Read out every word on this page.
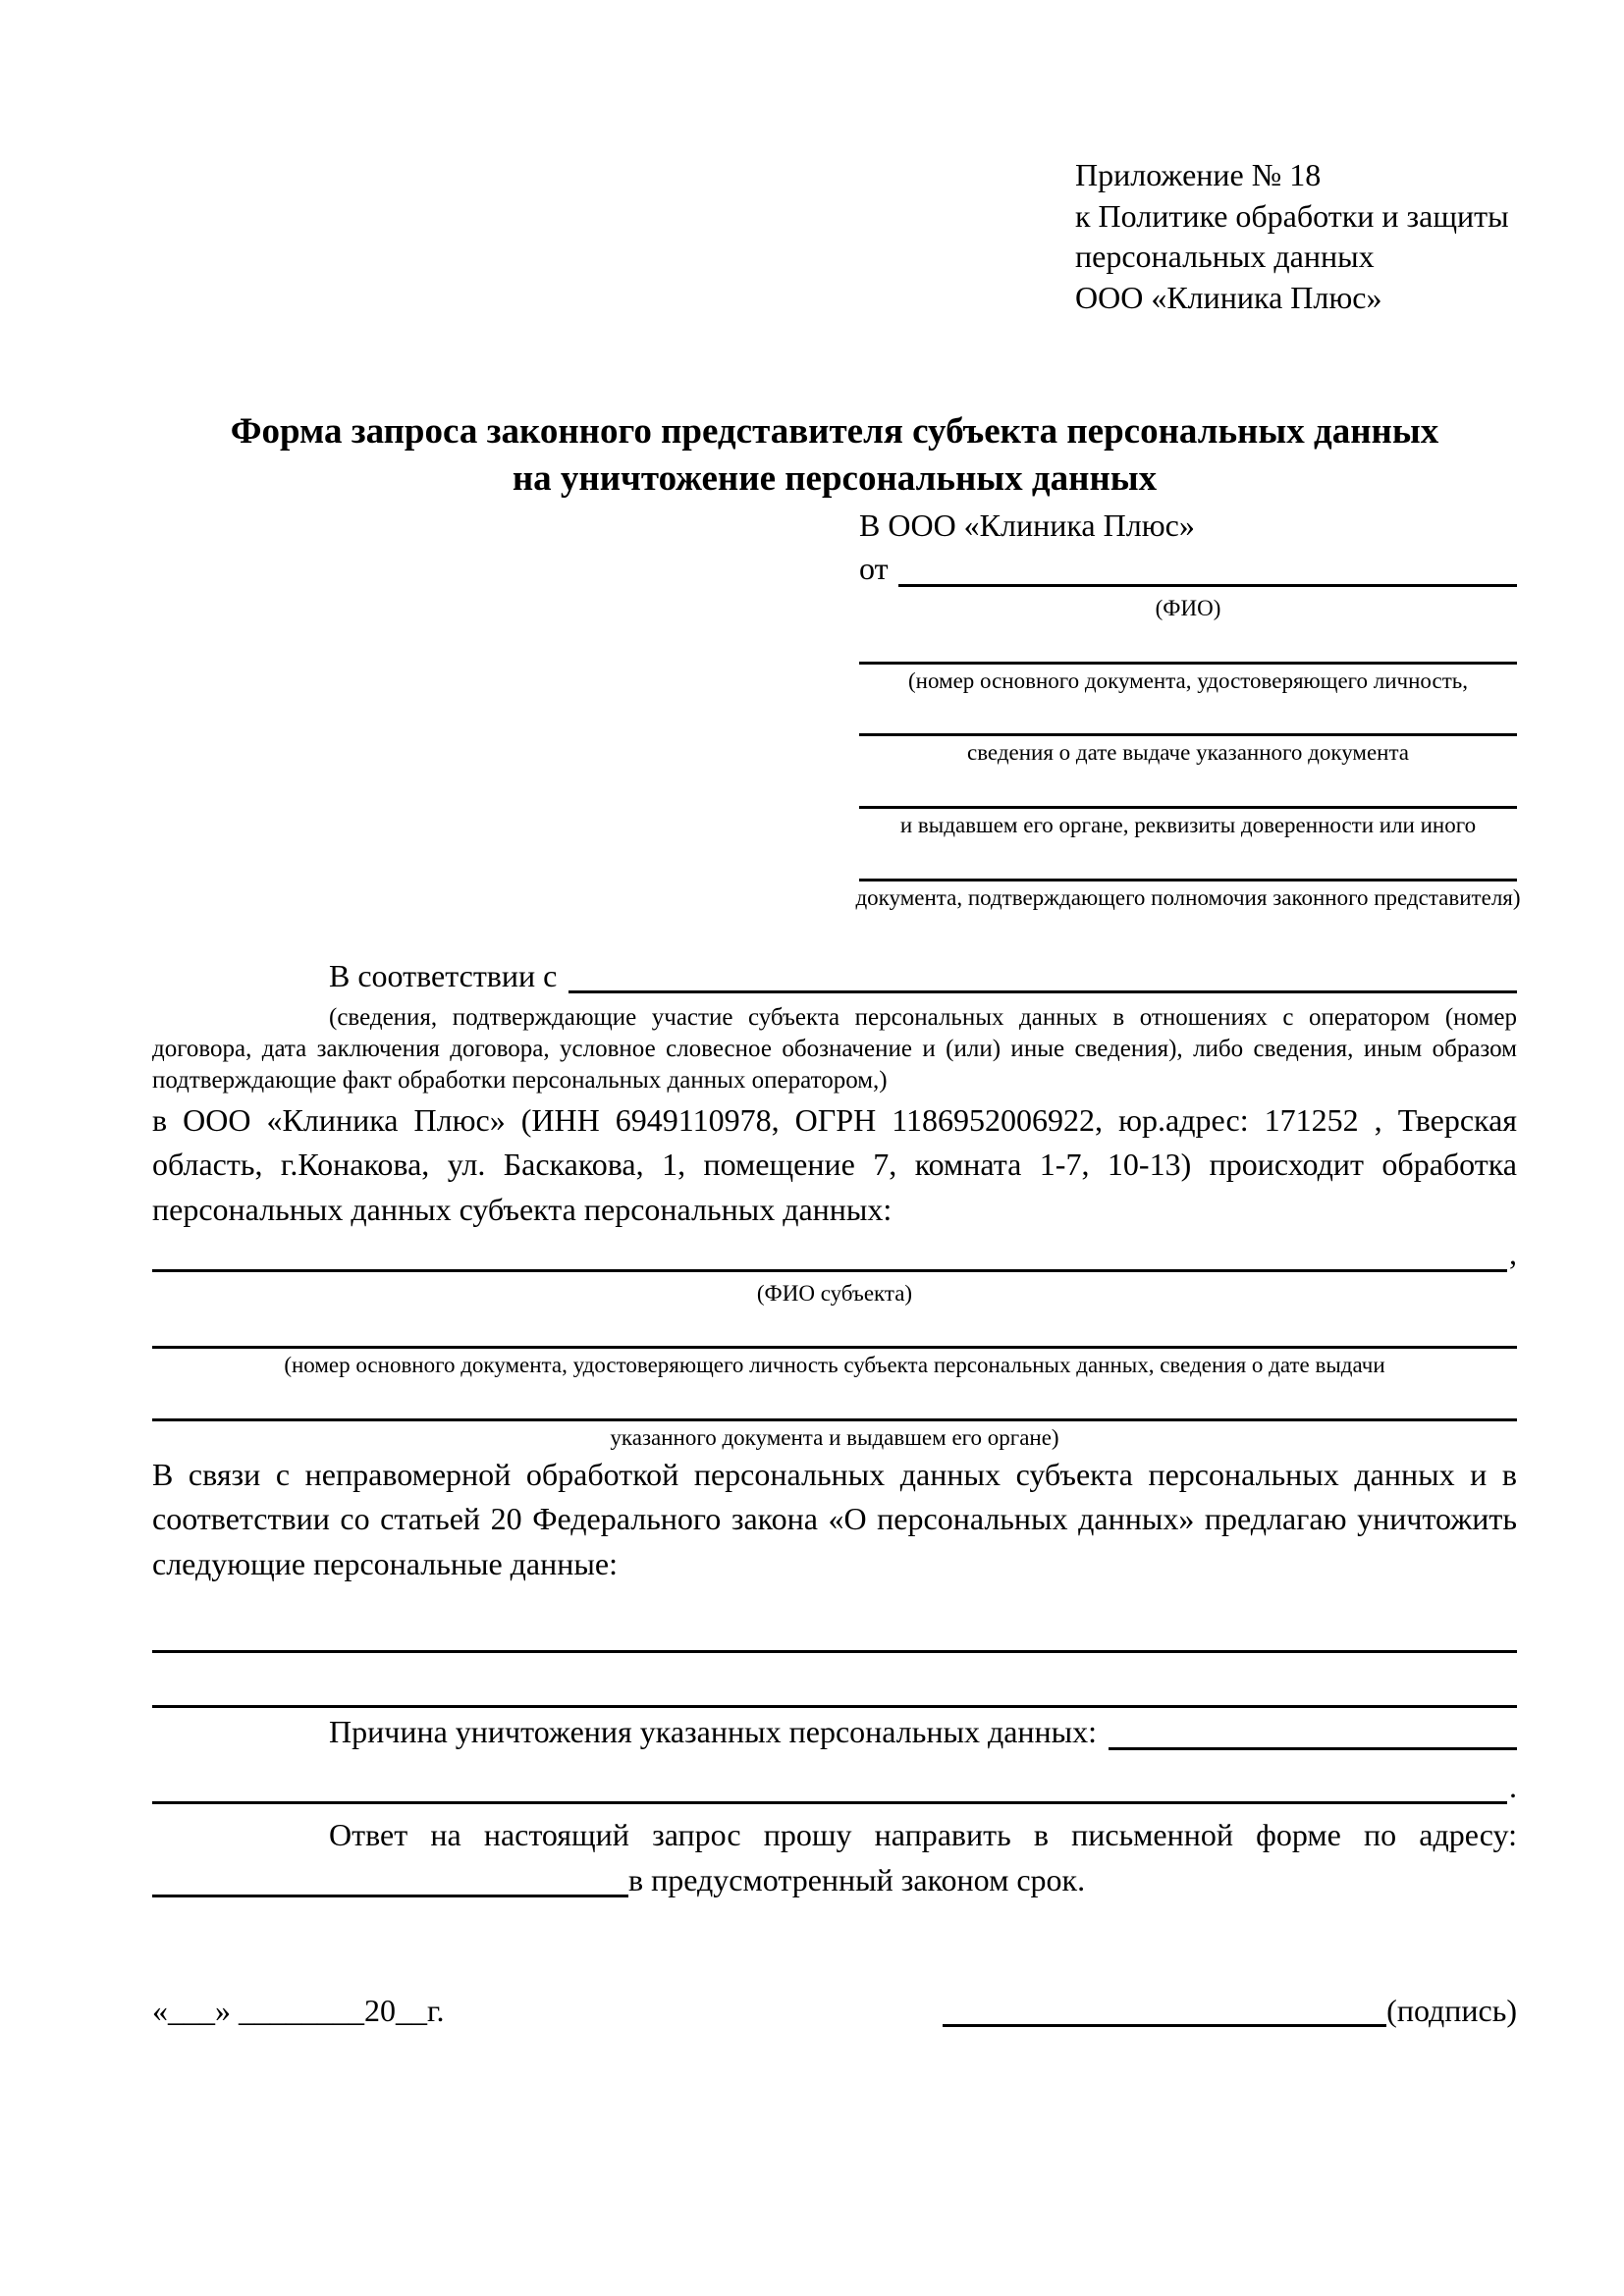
Приложение № 18
к Политике обработки и защиты
персональных данных
ООО «Клиника Плюс»
Форма запроса законного представителя субъекта персональных данных
на уничтожение персональных данных
В ООО «Клиника Плюс»
от
(ФИО)
(номер основного документа, удостоверяющего личность,
сведения о дате выдаче указанного документа
и выдавшем его органе, реквизиты доверенности или иного
документа, подтверждающего полномочия законного представителя)
В соответствии с
(сведения, подтверждающие участие субъекта персональных данных в отношениях с оператором (номер договора, дата заключения договора, условное словесное обозначение и (или) иные сведения), либо сведения, иным образом подтверждающие факт обработки персональных данных оператором,)

в ООО «Клиника Плюс» (ИНН 6949110978, ОГРН 1186952006922, юр.адрес: 171252 , Тверская область, г.Конакова, ул. Баскакова, 1, помещение 7, комната 1-7, 10-13) происходит обработка персональных данных субъекта персональных данных:

,
(ФИО субъекта)
(номер основного документа, удостоверяющего личность субъекта персональных данных, сведения о дате выдачи
указанного документа и выдавшем его органе)

В связи с неправомерной обработкой персональных данных субъекта персональных данных и в соответствии со статьей 20 Федерального закона «О персональных данных» предлагаю уничтожить следующие персональные данные:

Причина уничтожения указанных персональных данных:
.

Ответ на настоящий запрос прошу направить в письменной форме по адресу:

в предусмотренный законом срок.
«___» ________20__г.	(подпись)
